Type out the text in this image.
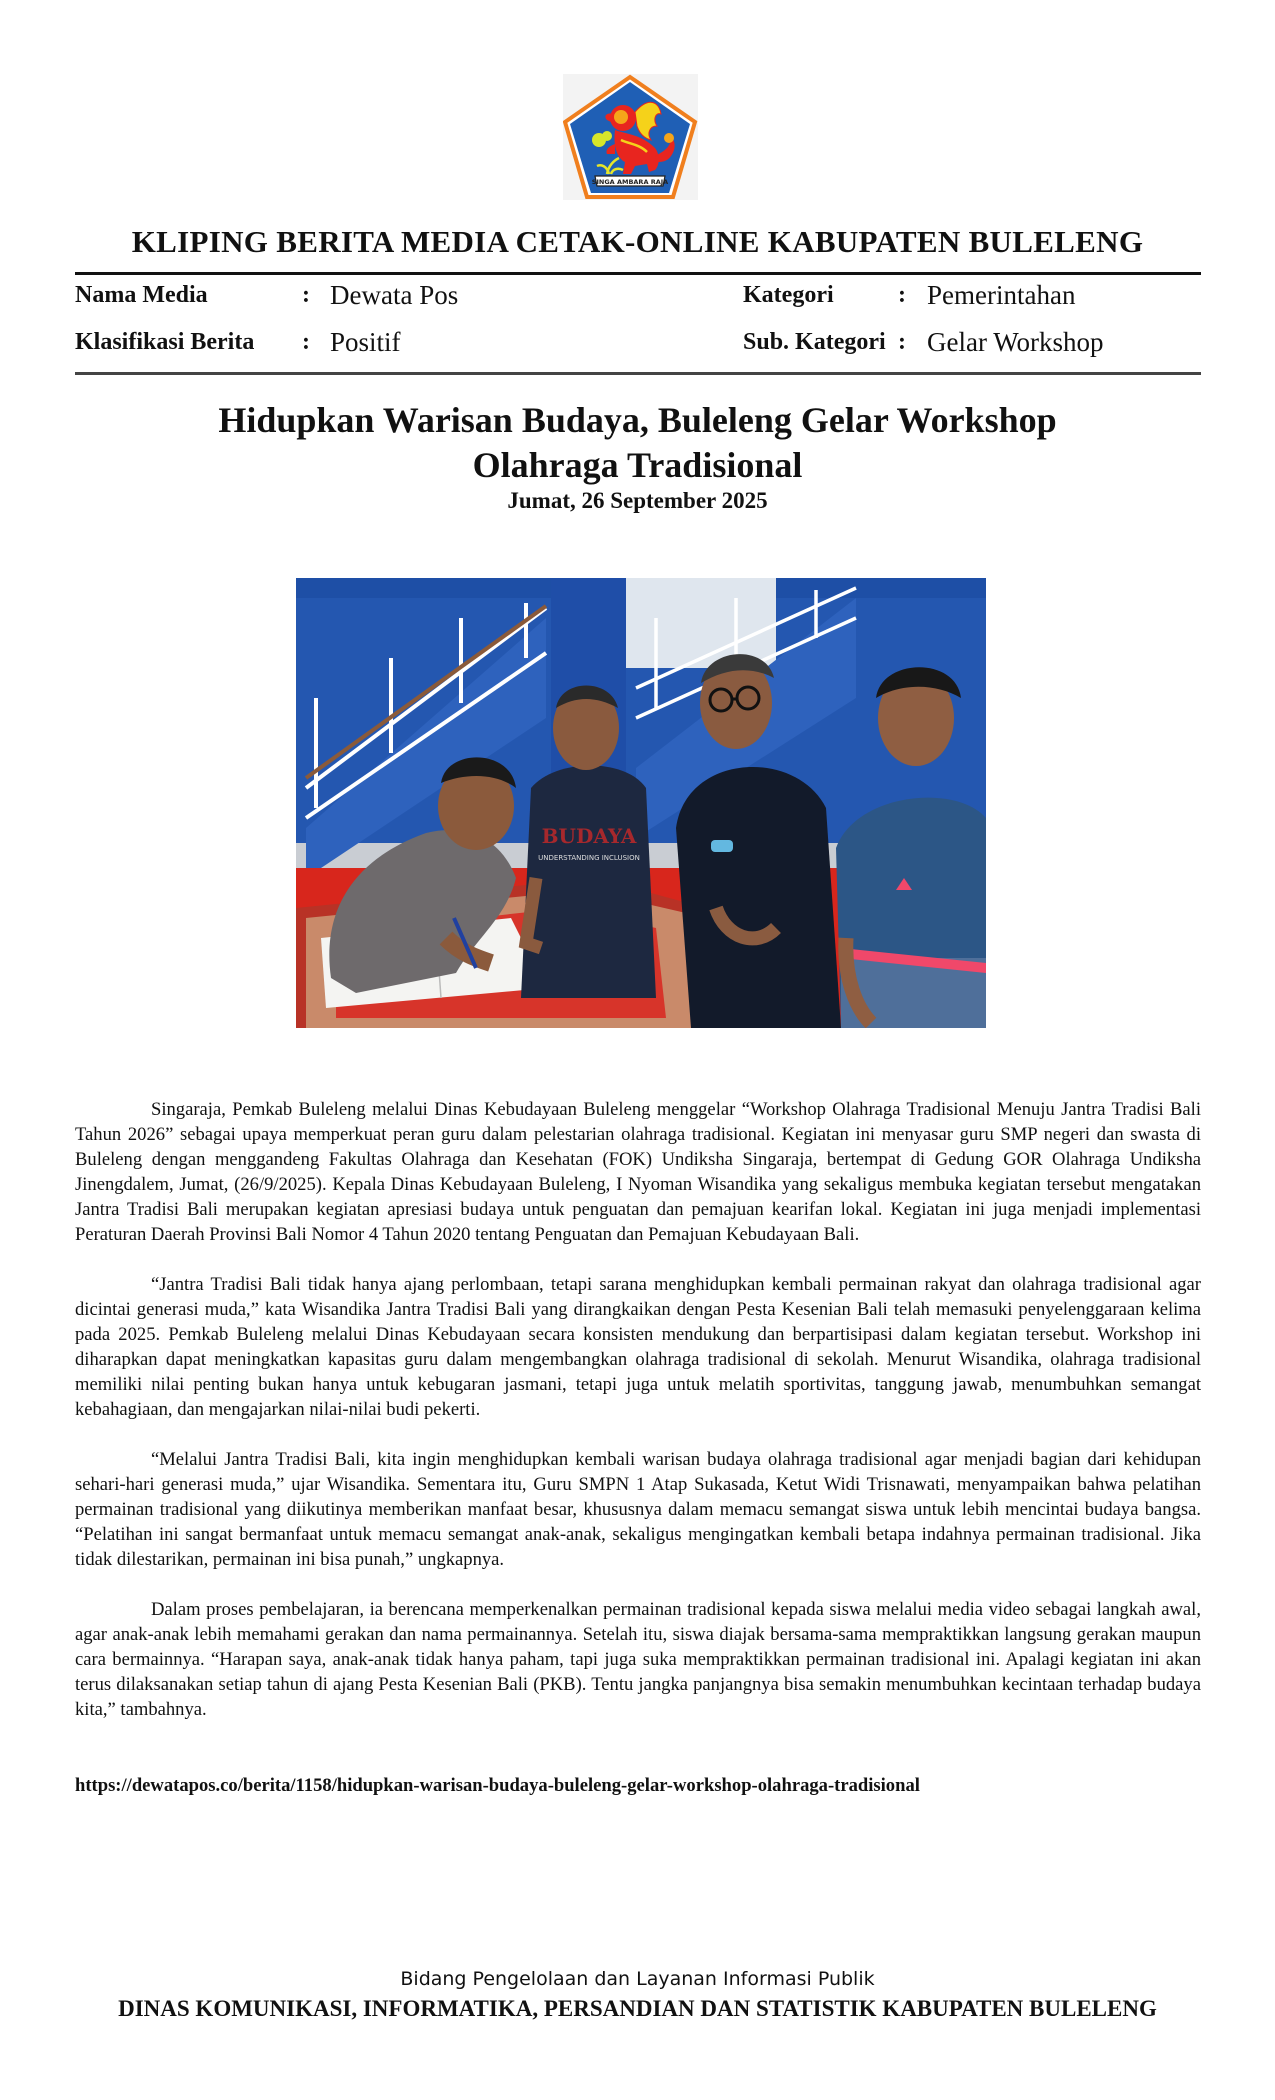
SINGA AMBARA RAJA
KLIPING BERITA MEDIA CETAK-ONLINE KABUPATEN BULELENG
Nama Media	: Dewata Pos
Klasifikasi Berita : Positif
Kategori	: Pemerintahan
Sub. Kategori : Gelar Workshop
Hidupkan Warisan Budaya, Buleleng Gelar Workshop
Olahraga Tradisional
Jumat, 26 September 2025
BUDAYA
UNDERSTANDING INCLUSION

Singaraja, Pemkab Buleleng melalui Dinas Kebudayaan Buleleng menggelar “Workshop Olahraga Tradisional Menuju Jantra Tradisi Bali Tahun 2026” sebagai upaya memperkuat peran guru dalam pelestarian olahraga tradisional. Kegiatan ini menyasar guru SMP negeri dan swasta di Buleleng dengan menggandeng Fakultas Olahraga dan Kesehatan (FOK) Undiksha Singaraja, bertempat di Gedung GOR Olahraga Undiksha Jinengdalem, Jumat, (26/9/2025). Kepala Dinas Kebudayaan Buleleng, I Nyoman Wisandika yang sekaligus membuka kegiatan tersebut mengatakan Jantra Tradisi Bali merupakan kegiatan apresiasi budaya untuk penguatan dan pemajuan kearifan lokal. Kegiatan ini juga menjadi implementasi Peraturan Daerah Provinsi Bali Nomor 4 Tahun 2020 tentang Penguatan dan Pemajuan Kebudayaan Bali.

“Jantra Tradisi Bali tidak hanya ajang perlombaan, tetapi sarana menghidupkan kembali permainan rakyat dan olahraga tradisional agar dicintai generasi muda,” kata Wisandika Jantra Tradisi Bali yang dirangkaikan dengan Pesta Kesenian Bali telah memasuki penyelenggaraan kelima pada 2025. Pemkab Buleleng melalui Dinas Kebudayaan secara konsisten mendukung dan berpartisipasi dalam kegiatan tersebut. Workshop ini diharapkan dapat meningkatkan kapasitas guru dalam mengembangkan olahraga tradisional di sekolah. Menurut Wisandika, olahraga tradisional memiliki nilai penting bukan hanya untuk kebugaran jasmani, tetapi juga untuk melatih sportivitas, tanggung jawab, menumbuhkan semangat kebahagiaan, dan mengajarkan nilai-nilai budi pekerti.

“Melalui Jantra Tradisi Bali, kita ingin menghidupkan kembali warisan budaya olahraga tradisional agar menjadi bagian dari kehidupan sehari-hari generasi muda,” ujar Wisandika. Sementara itu, Guru SMPN 1 Atap Sukasada, Ketut Widi Trisnawati, menyampaikan bahwa pelatihan permainan tradisional yang diikutinya memberikan manfaat besar, khususnya dalam memacu semangat siswa untuk lebih mencintai budaya bangsa. “Pelatihan ini sangat bermanfaat untuk memacu semangat anak-anak, sekaligus mengingatkan kembali betapa indahnya permainan tradisional. Jika tidak dilestarikan, permainan ini bisa punah,” ungkapnya.

Dalam proses pembelajaran, ia berencana memperkenalkan permainan tradisional kepada siswa melalui media video sebagai langkah awal, agar anak-anak lebih memahami gerakan dan nama permainannya. Setelah itu, siswa diajak bersama-sama mempraktikkan langsung gerakan maupun cara bermainnya. “Harapan saya, anak-anak tidak hanya paham, tapi juga suka mempraktikkan permainan tradisional ini. Apalagi kegiatan ini akan terus dilaksanakan setiap tahun di ajang Pesta Kesenian Bali (PKB). Tentu jangka panjangnya bisa semakin menumbuhkan kecintaan terhadap budaya kita,” tambahnya.

https://dewatapos.co/berita/1158/hidupkan-warisan-budaya-buleleng-gelar-workshop-olahraga-tradisional
Bidang Pengelolaan dan Layanan Informasi Publik
DINAS KOMUNIKASI, INFORMATIKA, PERSANDIAN DAN STATISTIK KABUPATEN BULELENG
